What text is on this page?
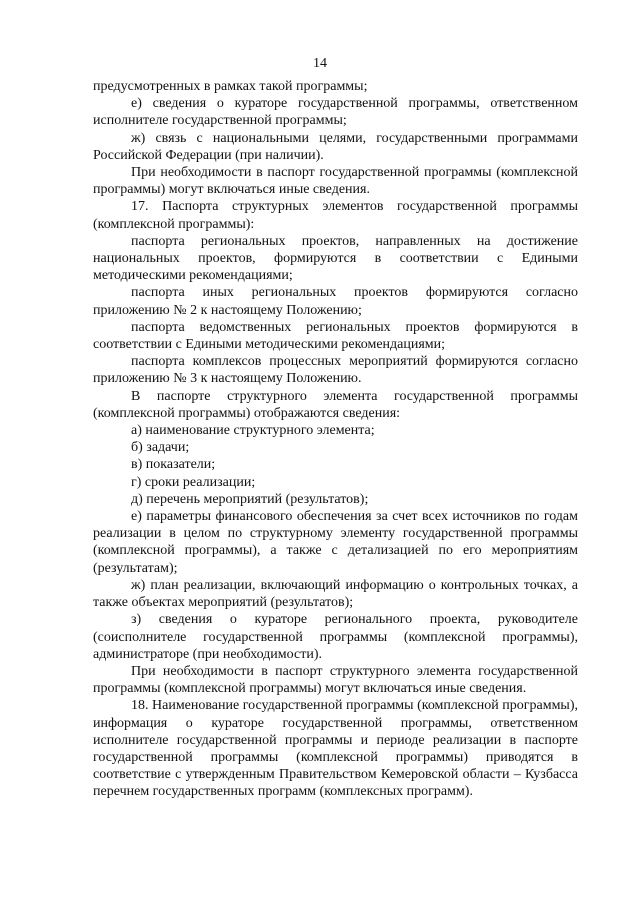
14

предусмотренных в рамках такой программы;

е) сведения о кураторе государственной программы, ответственном исполнителе государственной программы;

ж) связь с национальными целями, государственными программами Российской Федерации (при наличии).

При необходимости в паспорт государственной программы (комплексной программы) могут включаться иные сведения.

17. Паспорта структурных элементов государственной программы (комплексной программы):

паспорта региональных проектов, направленных на достижение национальных проектов, формируются в соответствии с Едиными методическими рекомендациями;

паспорта иных региональных проектов формируются согласно приложению № 2 к настоящему Положению;

паспорта ведомственных региональных проектов формируются в соответствии с Едиными методическими рекомендациями;

паспорта комплексов процессных мероприятий формируются согласно приложению № 3 к настоящему Положению.

В паспорте структурного элемента государственной программы (комплексной программы) отображаются сведения:

а) наименование структурного элемента;

б) задачи;

в) показатели;

г) сроки реализации;

д) перечень мероприятий (результатов);

е) параметры финансового обеспечения за счет всех источников по годам реализации в целом по структурному элементу государственной программы (комплексной программы), а также с детализацией по его мероприятиям (результатам);

ж) план реализации, включающий информацию о контрольных точках, а также объектах мероприятий (результатов);

з) сведения о кураторе регионального проекта, руководителе (соисполнителе государственной программы (комплексной программы), администраторе (при необходимости).

При необходимости в паспорт структурного элемента государственной программы (комплексной программы) могут включаться иные сведения.

18. Наименование государственной программы (комплексной программы), информация о кураторе государственной программы, ответственном исполнителе государственной программы и периоде реализации в паспорте государственной программы (комплексной программы) приводятся в соответствие с утвержденным Правительством Кемеровской области – Кузбасса перечнем государственных программ (комплексных программ).
